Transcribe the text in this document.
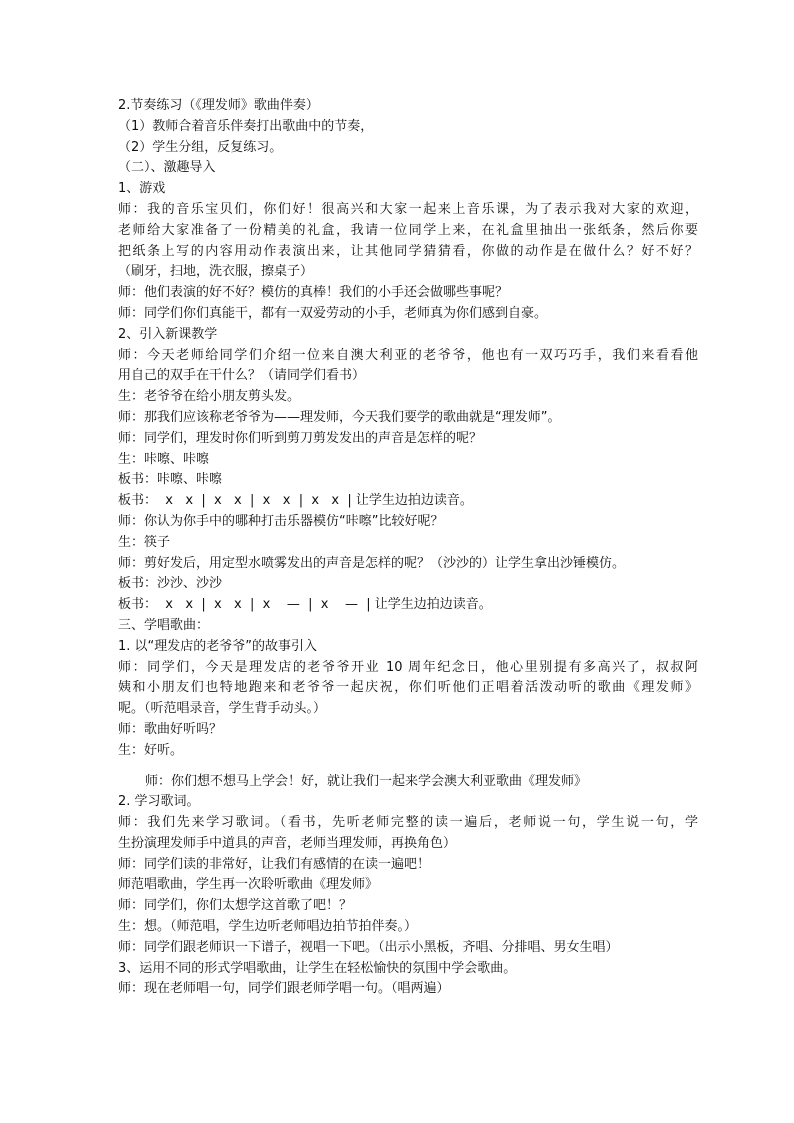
2.节奏练习（《理发师》歌曲伴奏）
（1）教师合着音乐伴奏打出歌曲中的节奏，
（2）学生分组，反复练习。
（二）、激趣导入
1、游戏
师：我的音乐宝贝们，你们好！很高兴和大家一起来上音乐课，为了表示我对大家的欢迎，
老师给大家准备了一份精美的礼盒，我请一位同学上来，在礼盒里抽出一张纸条，然后你要
把纸条上写的内容用动作表演出来，让其他同学猜猜看，你做的动作是在做什么？好不好？
（刷牙，扫地，洗衣服，擦桌子）
师：他们表演的好不好？模仿的真棒！我们的小手还会做哪些事呢？
师：同学们你们真能干，都有一双爱劳动的小手，老师真为你们感到自豪。
2、引入新课教学
师：今天老师给同学们介绍一位来自澳大利亚的老爷爷，他也有一双巧巧手，我们来看看他
用自己的双手在干什么？（请同学们看书）
生：老爷爷在给小朋友剪头发。
师：那我们应该称老爷爷为——理发师，今天我们要学的歌曲就是“理发师”。
师：同学们，理发时你们听到剪刀剪发发出的声音是怎样的呢？
生：咔嚓、咔嚓
板书：咔嚓、咔嚓
板书：  x   x  |  x   x  |  x   x  |  x   x  | 让学生边拍边读音。
师：你认为你手中的哪种打击乐器模仿“咔嚓”比较好呢？
生：筷子
师：剪好发后，用定型水喷雾发出的声音是怎样的呢？（沙沙的）让学生拿出沙锤模仿。
板书：沙沙、沙沙
板书：  x   x  |  x   x  |  x    —  |  x    —  | 让学生边拍边读音。
三、学唱歌曲：
1. 以“理发店的老爷爷”的故事引入
师：同学们，今天是理发店的老爷爷开业 10 周年纪念日，他心里别提有多高兴了，叔叔阿
姨和小朋友们也特地跑来和老爷爷一起庆祝，你们听他们正唱着活泼动听的歌曲《理发师》
呢。（听范唱录音，学生背手动头。）
师：歌曲好听吗？
生：好听。
师：你们想不想马上学会！好，就让我们一起来学会澳大利亚歌曲《理发师》
2. 学习歌词。
师：我们先来学习歌词。（看书，先听老师完整的读一遍后，老师说一句，学生说一句，学
生扮演理发师手中道具的声音，老师当理发师，再换角色）
师：同学们读的非常好，让我们有感情的在读一遍吧！
师范唱歌曲，学生再一次聆听歌曲《理发师》
师：同学们，你们太想学这首歌了吧！？
生：想。（师范唱，学生边听老师唱边拍节拍伴奏。）
师：同学们跟老师识一下谱子，视唱一下吧。（出示小黑板，齐唱、分排唱、男女生唱）
3、运用不同的形式学唱歌曲，让学生在轻松愉快的氛围中学会歌曲。
师：现在老师唱一句，同学们跟老师学唱一句。（唱两遍）
